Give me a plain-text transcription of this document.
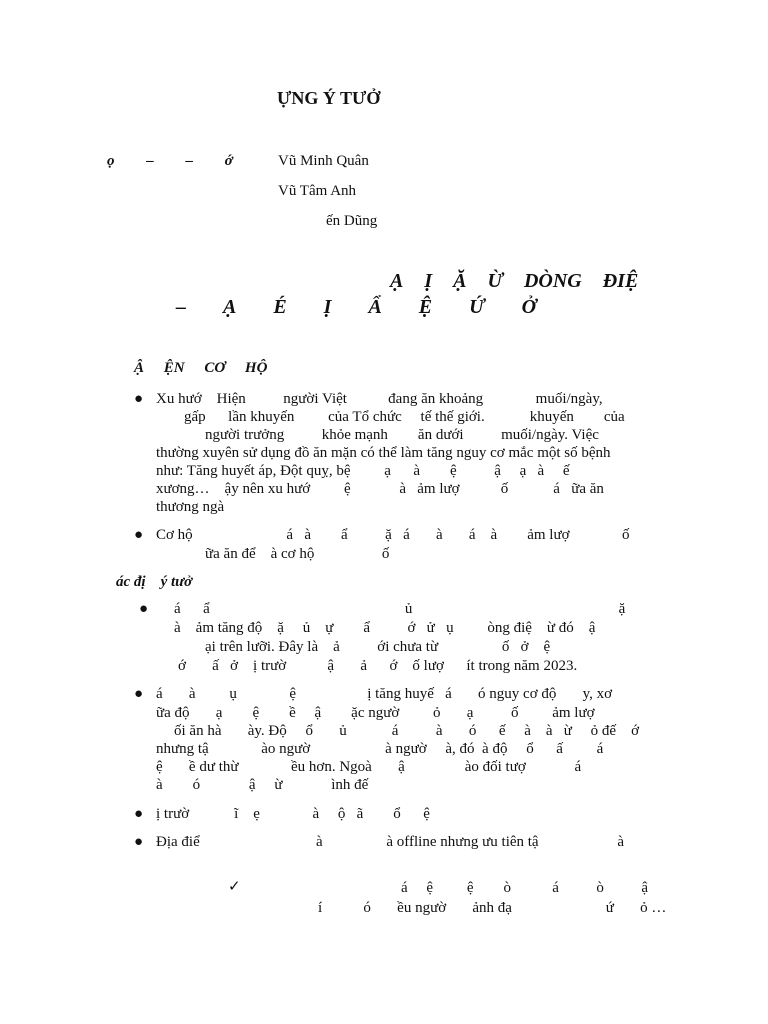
ỰNG Ý TƯỞ
ọ – – ớ	Vũ Minh Quân
Vũ Tâm Anh
ến Dũng
Ạ Ị Ặ Ừ DÒNG ĐIỆ
– Ạ É Ị Ẩ Ệ Ứ Ở
Ậ ỆN CƠ HỘ
● Xu hướ    Hiện          người Việt           đang ăn khoảng              muối/ngày,
gấp      lần khuyến         của Tổ chức     tế thế giới.            khuyến        của
người trưởng          khỏe mạnh        ăn dưới          muối/ngày. Việc
thường xuyên sử dụng đồ ăn mặn có thể làm tăng nguy cơ mắc một số bệnh
như: Tăng huyết áp, Đột quỵ, bệ         ạ      à        ệ          ậ     ạ   à     ế
xương…    ậy nên xu hướ         ệ             à   ảm lượ           ố            á   ữa ăn
thương ngà
● Cơ hộ                         á   à        ẩ          ặ   á       à       á    à        ảm lượ              ố
ữa ăn để    à cơ hộ                  ố
ác đị    ý tưở
● á      ẩ                                                    ủ                                                       ặ
à    ảm tăng độ    ặ     ủ    ự        ẩ          ớ   ử   ụ         òng điệ    ừ đó    ậ
ại trên lưỡi. Đây là    ả          ới chưa từ                 ố   ở    ệ
ớ       ấ   ở    ị trườ           ậ       ả      ớ    ố lượ      ít trong năm 2023.
● á       à         ụ              ệ                   ị tăng huyế   á       ó nguy cơ độ       y, xơ
ữa độ       ạ        ệ        ề     ậ        ặc ngườ         ỏ       ạ          ố         ảm lượ
ối ăn hà       ày. Độ     ổ       ủ            á          à       ó      ế     à    à   ừ     ỏ đế    ớ
nhưng tậ              ào ngườ                    à ngườ     à, đó  à độ     ổ      ấ         á
ệ       ề dư thừ              ều hơn. Ngoà       ậ                ào đối tượ             á
à        ó             ậ     ừ             ình đế
● ị trườ            ĩ    ẹ              à     ộ   ã        ổ      ệ
● Địa điể                               à                 à offline nhưng ưu tiên tậ                     à
✓	á     ệ         ệ        ò           á          ò          ậ
í           ó       ều ngườ       ảnh đạ                         ứ       ỏ …
